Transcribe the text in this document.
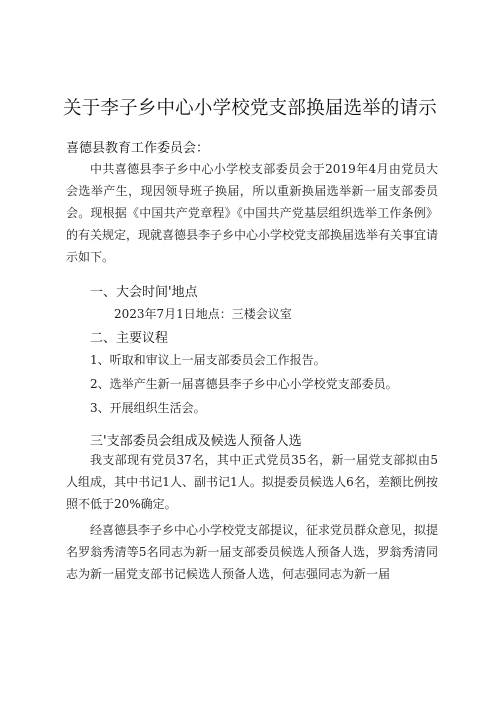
关于李子乡中心小学校党支部换届选举的请示
喜德县教育工作委员会：

中共喜德县李子乡中心小学校支部委员会于2019年4月由党员大会选举产生，现因领导班子换届，所以重新换届选举新一届支部委员会。现根据《中国共产党章程》《中国共产党基层组织选举工作条例》的有关规定，现就喜德县李子乡中心小学校党支部换届选举有关事宜请示如下。

一、大会时间'地点
2023年7月1日地点：三楼会议室
二、主要议程
1、听取和审议上一届支部委员会工作报告。
2、选举产生新一届喜德县李子乡中心小学校党支部委员。
3、开展组织生活会。
三'支部委员会组成及候选人预备人选

我支部现有党员37名，其中正式党员35名，新一届党支部拟由5人组成，其中书记1人、副书记1人。拟提委员候选人6名，差额比例按照不低于20%确定。

经喜德县李子乡中心小学校党支部提议，征求党员群众意见，拟提名罗翁秀清等5名同志为新一届支部委员候选人预备人选，罗翁秀清同志为新一届党支部书记候选人预备人选，何志强同志为新一届
